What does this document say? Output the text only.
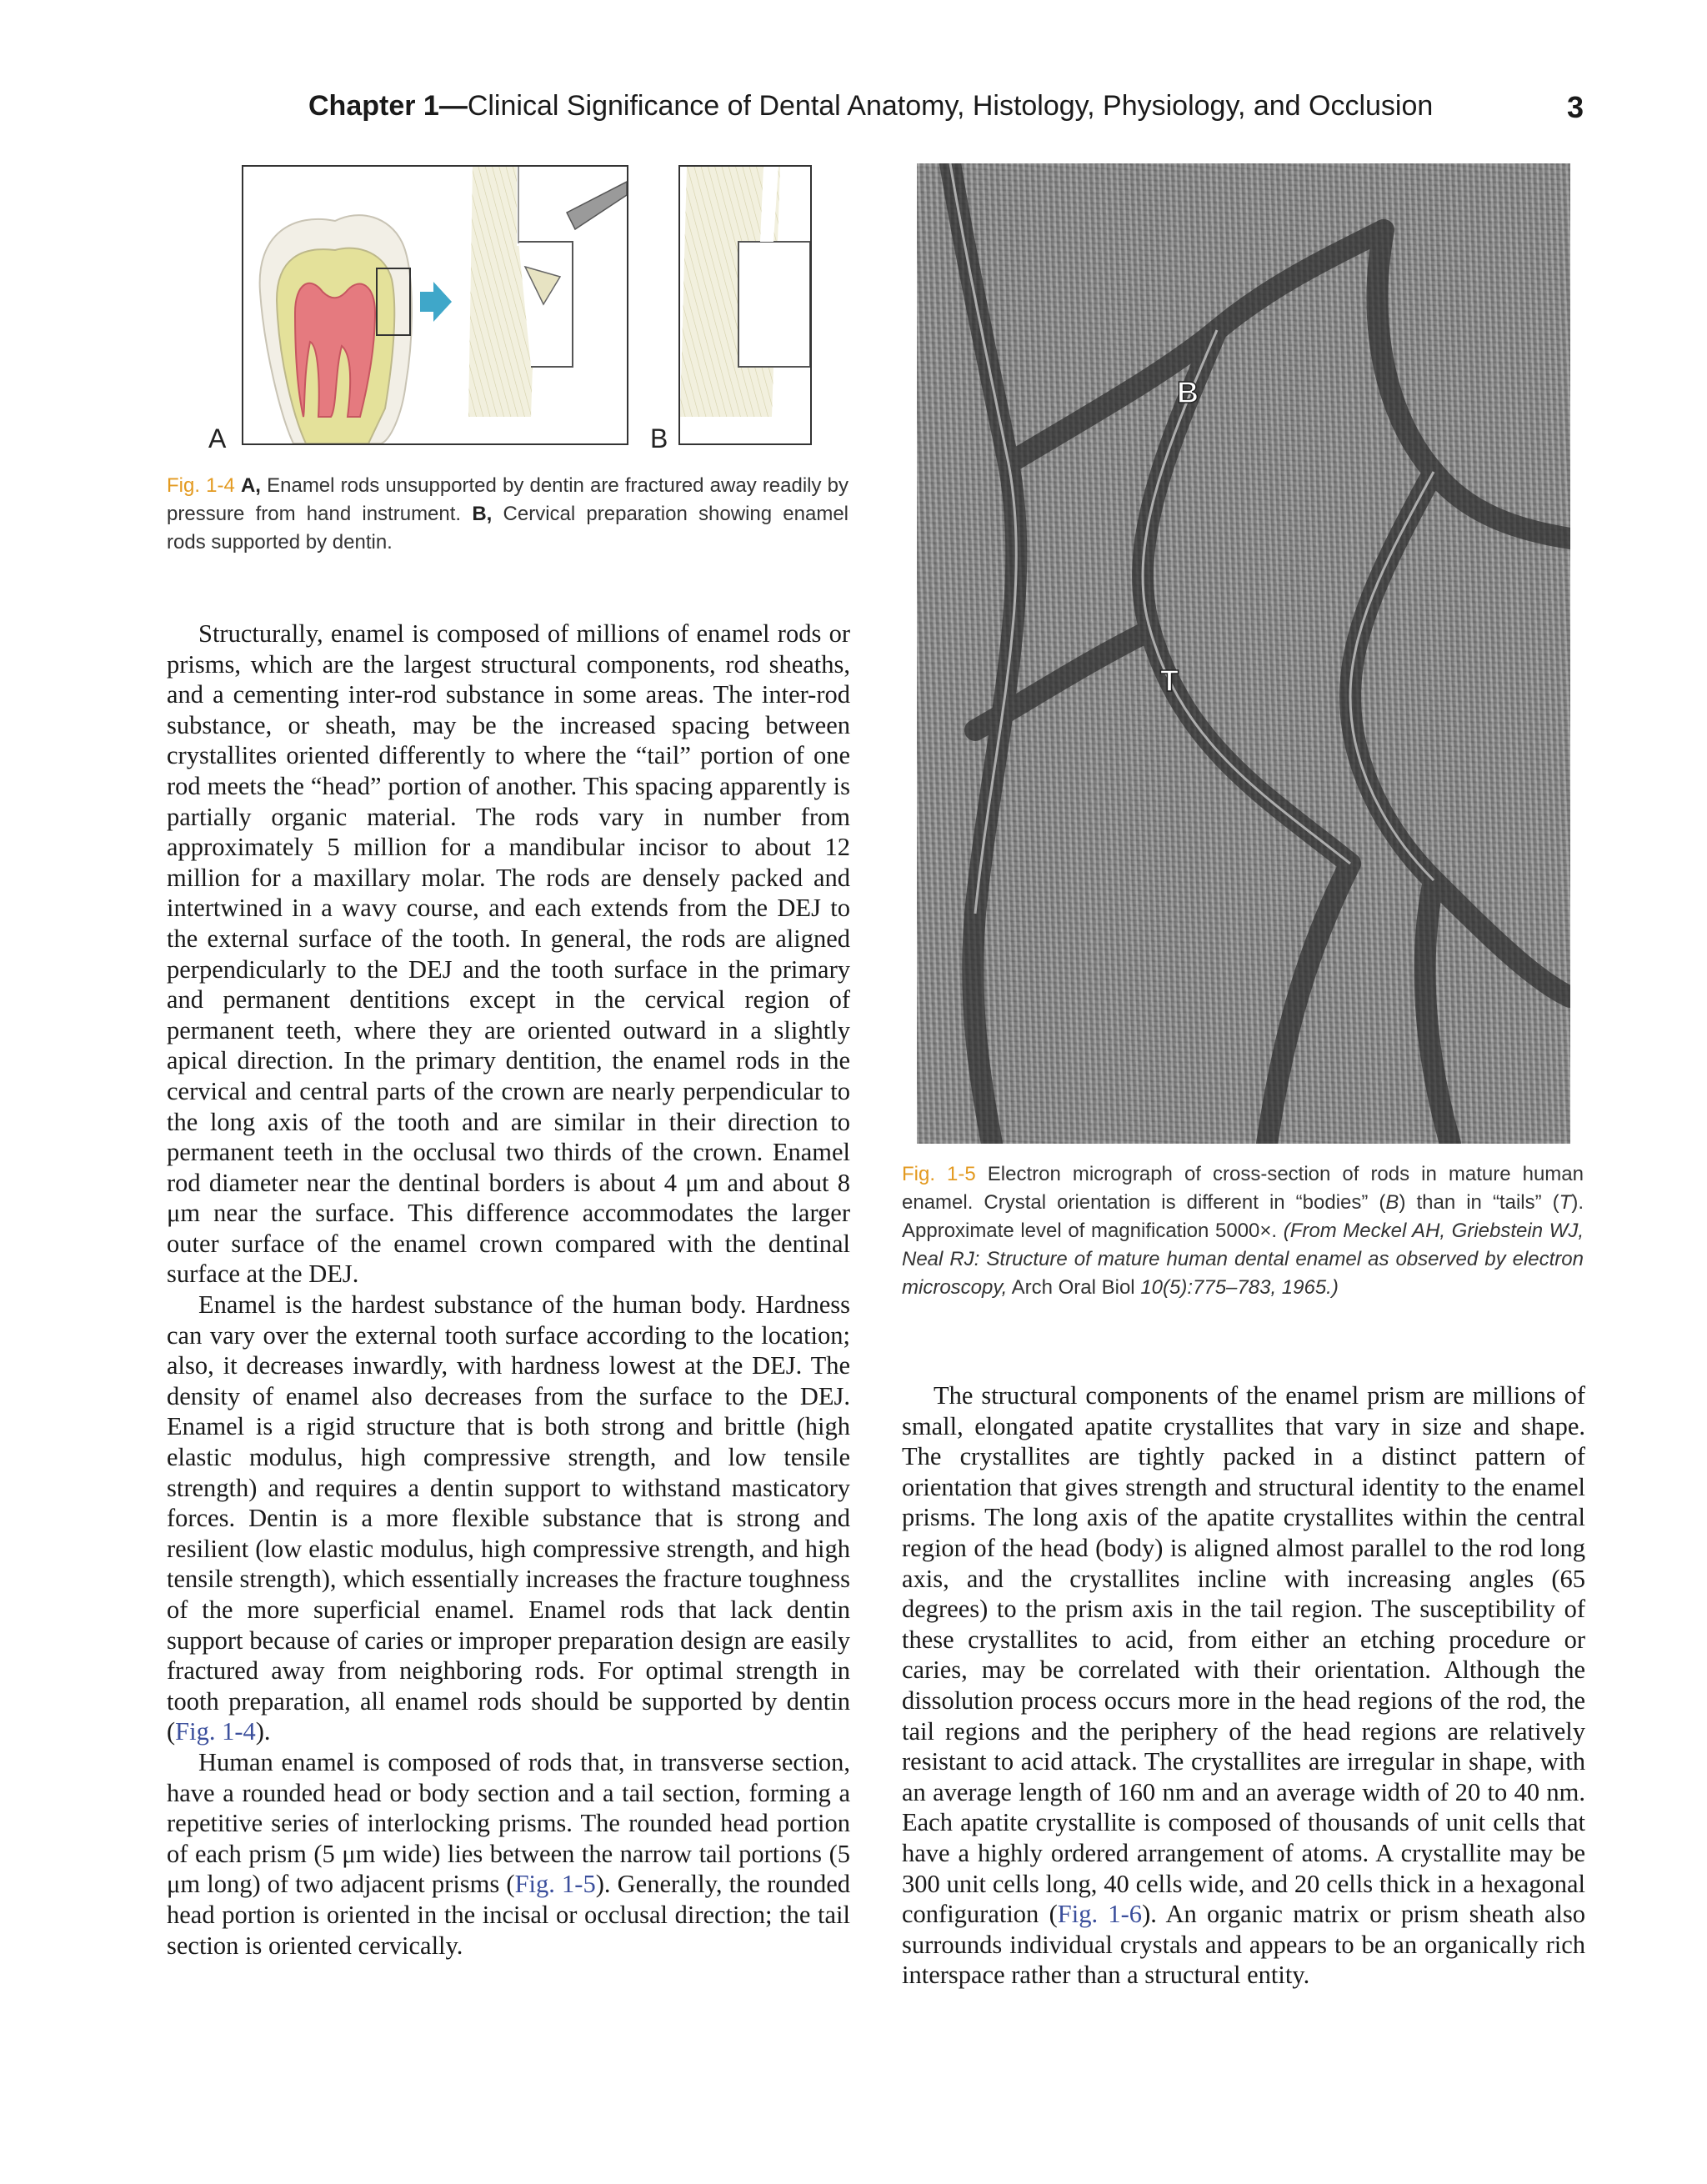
Chapter 1—Clinical Significance of Dental Anatomy, Histology, Physiology, and Occlusion	3
A	B
Fig. 1-4 A, Enamel rods unsupported by dentin are fractured away readily by pressure from hand instrument. B, Cervical preparation showing enamel rods supported by dentin.
B
T
Fig. 1-5 Electron micrograph of cross-section of rods in mature human enamel. Crystal orientation is different in “bodies” (B) than in “tails” (T). Approximate level of magnification 5000×. (From Meckel AH, Griebstein WJ, Neal RJ: Structure of mature human dental enamel as observed by electron microscopy, Arch Oral Biol 10(5):775–783, 1965.)

Structurally, enamel is composed of millions of enamel rods or prisms, which are the largest structural components, rod sheaths, and a cementing inter-rod substance in some areas. The inter-rod substance, or sheath, may be the increased spacing between crystallites oriented differently to where the “tail” portion of one rod meets the “head” portion of another. This spacing apparently is partially organic material. The rods vary in number from approximately 5 million for a mandibular incisor to about 12 million for a maxillary molar. The rods are densely packed and intertwined in a wavy course, and each extends from the DEJ to the external surface of the tooth. In general, the rods are aligned perpendicularly to the DEJ and the tooth surface in the primary and permanent dentitions except in the cervical region of permanent teeth, where they are oriented outward in a slightly apical direction. In the primary dentition, the enamel rods in the cervical and central parts of the crown are nearly perpendicular to the long axis of the tooth and are similar in their direction to permanent teeth in the occlusal two thirds of the crown. Enamel rod diameter near the dentinal borders is about 4 μm and about 8 μm near the surface. This difference accommodates the larger outer surface of the enamel crown compared with the dentinal surface at the DEJ.

Enamel is the hardest substance of the human body. Hardness can vary over the external tooth surface according to the location; also, it decreases inwardly, with hardness lowest at the DEJ. The density of enamel also decreases from the surface to the DEJ. Enamel is a rigid structure that is both strong and brittle (high elastic modulus, high compressive strength, and low tensile strength) and requires a dentin support to withstand masticatory forces. Dentin is a more flexible substance that is strong and resilient (low elastic modulus, high compressive strength, and high tensile strength), which essentially increases the fracture toughness of the more superficial enamel. Enamel rods that lack dentin support because of caries or improper preparation design are easily fractured away from neighboring rods. For optimal strength in tooth preparation, all enamel rods should be supported by dentin (Fig. 1-4).

Human enamel is composed of rods that, in transverse section, have a rounded head or body section and a tail section, forming a repetitive series of interlocking prisms. The rounded head portion of each prism (5 μm wide) lies between the narrow tail portions (5 μm long) of two adjacent prisms (Fig. 1-5). Generally, the rounded head portion is oriented in the incisal or occlusal direction; the tail section is oriented cervically.

The structural components of the enamel prism are millions of small, elongated apatite crystallites that vary in size and shape. The crystallites are tightly packed in a distinct pattern of orientation that gives strength and structural identity to the enamel prisms. The long axis of the apatite crystallites within the central region of the head (body) is aligned almost parallel to the rod long axis, and the crystallites incline with increasing angles (65 degrees) to the prism axis in the tail region. The susceptibility of these crystallites to acid, from either an etching procedure or caries, may be correlated with their orientation. Although the dissolution process occurs more in the head regions of the rod, the tail regions and the periphery of the head regions are relatively resistant to acid attack. The crystallites are irregular in shape, with an average length of 160 nm and an average width of 20 to 40 nm. Each apatite crystallite is composed of thousands of unit cells that have a highly ordered arrangement of atoms. A crystallite may be 300 unit cells long, 40 cells wide, and 20 cells thick in a hexagonal configuration (Fig. 1-6). An organic matrix or prism sheath also surrounds individual crystals and appears to be an organically rich interspace rather than a structural entity.
